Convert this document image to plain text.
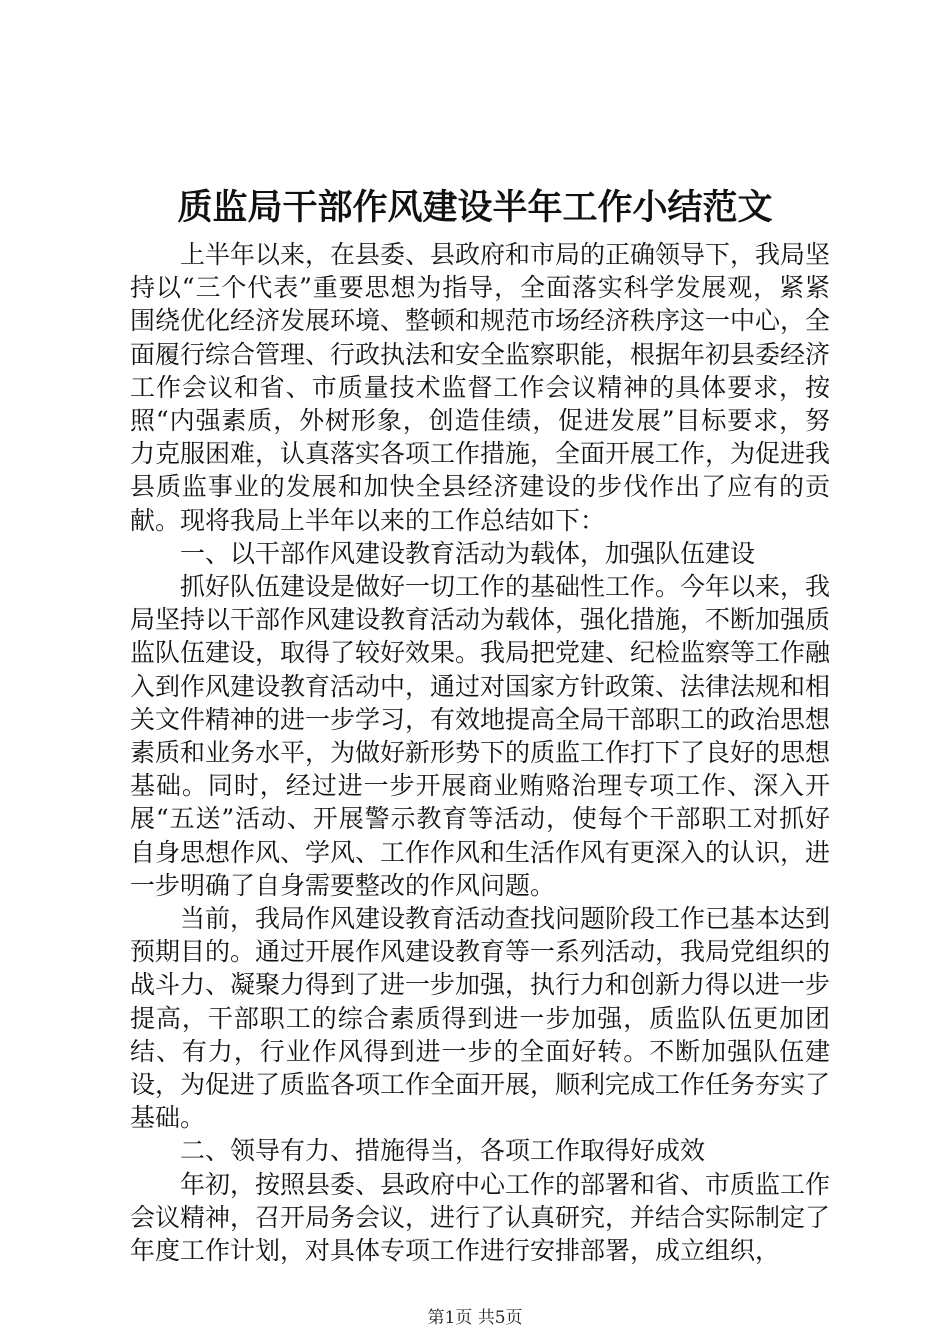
质监局干部作风建设半年工作小结范文

上半年以来，在县委、县政府和市局的正确领导下，我局坚持以“三个代表”重要思想为指导，全面落实科学发展观，紧紧围绕优化经济发展环境、整顿和规范市场经济秩序这一中心，全面履行综合管理、行政执法和安全监察职能，根据年初县委经济工作会议和省、市质量技术监督工作会议精神的具体要求，按照“内强素质，外树形象，创造佳绩，促进发展”目标要求，努力克服困难，认真落实各项工作措施，全面开展工作，为促进我县质监事业的发展和加快全县经济建设的步伐作出了应有的贡献。现将我局上半年以来的工作总结如下：

一、以干部作风建设教育活动为载体，加强队伍建设

抓好队伍建设是做好一切工作的基础性工作。今年以来，我局坚持以干部作风建设教育活动为载体，强化措施，不断加强质监队伍建设，取得了较好效果。我局把党建、纪检监察等工作融入到作风建设教育活动中，通过对国家方针政策、法律法规和相关文件精神的进一步学习，有效地提高全局干部职工的政治思想素质和业务水平，为做好新形势下的质监工作打下了良好的思想基础。同时，经过进一步开展商业贿赂治理专项工作、深入开展“五送”活动、开展警示教育等活动，使每个干部职工对抓好自身思想作风、学风、工作作风和生活作风有更深入的认识，进一步明确了自身需要整改的作风问题。

当前，我局作风建设教育活动查找问题阶段工作已基本达到预期目的。通过开展作风建设教育等一系列活动，我局党组织的战斗力、凝聚力得到了进一步加强，执行力和创新力得以进一步提高，干部职工的综合素质得到进一步加强，质监队伍更加团结、有力，行业作风得到进一步的全面好转。不断加强队伍建设，为促进了质监各项工作全面开展，顺利完成工作任务夯实了基础。

二、领导有力、措施得当，各项工作取得好成效

年初，按照县委、县政府中心工作的部署和省、市质监工作会议精神，召开局务会议，进行了认真研究，并结合实际制定了年度工作计划，对具体专项工作进行安排部署，成立组织，

第1页 共5页
